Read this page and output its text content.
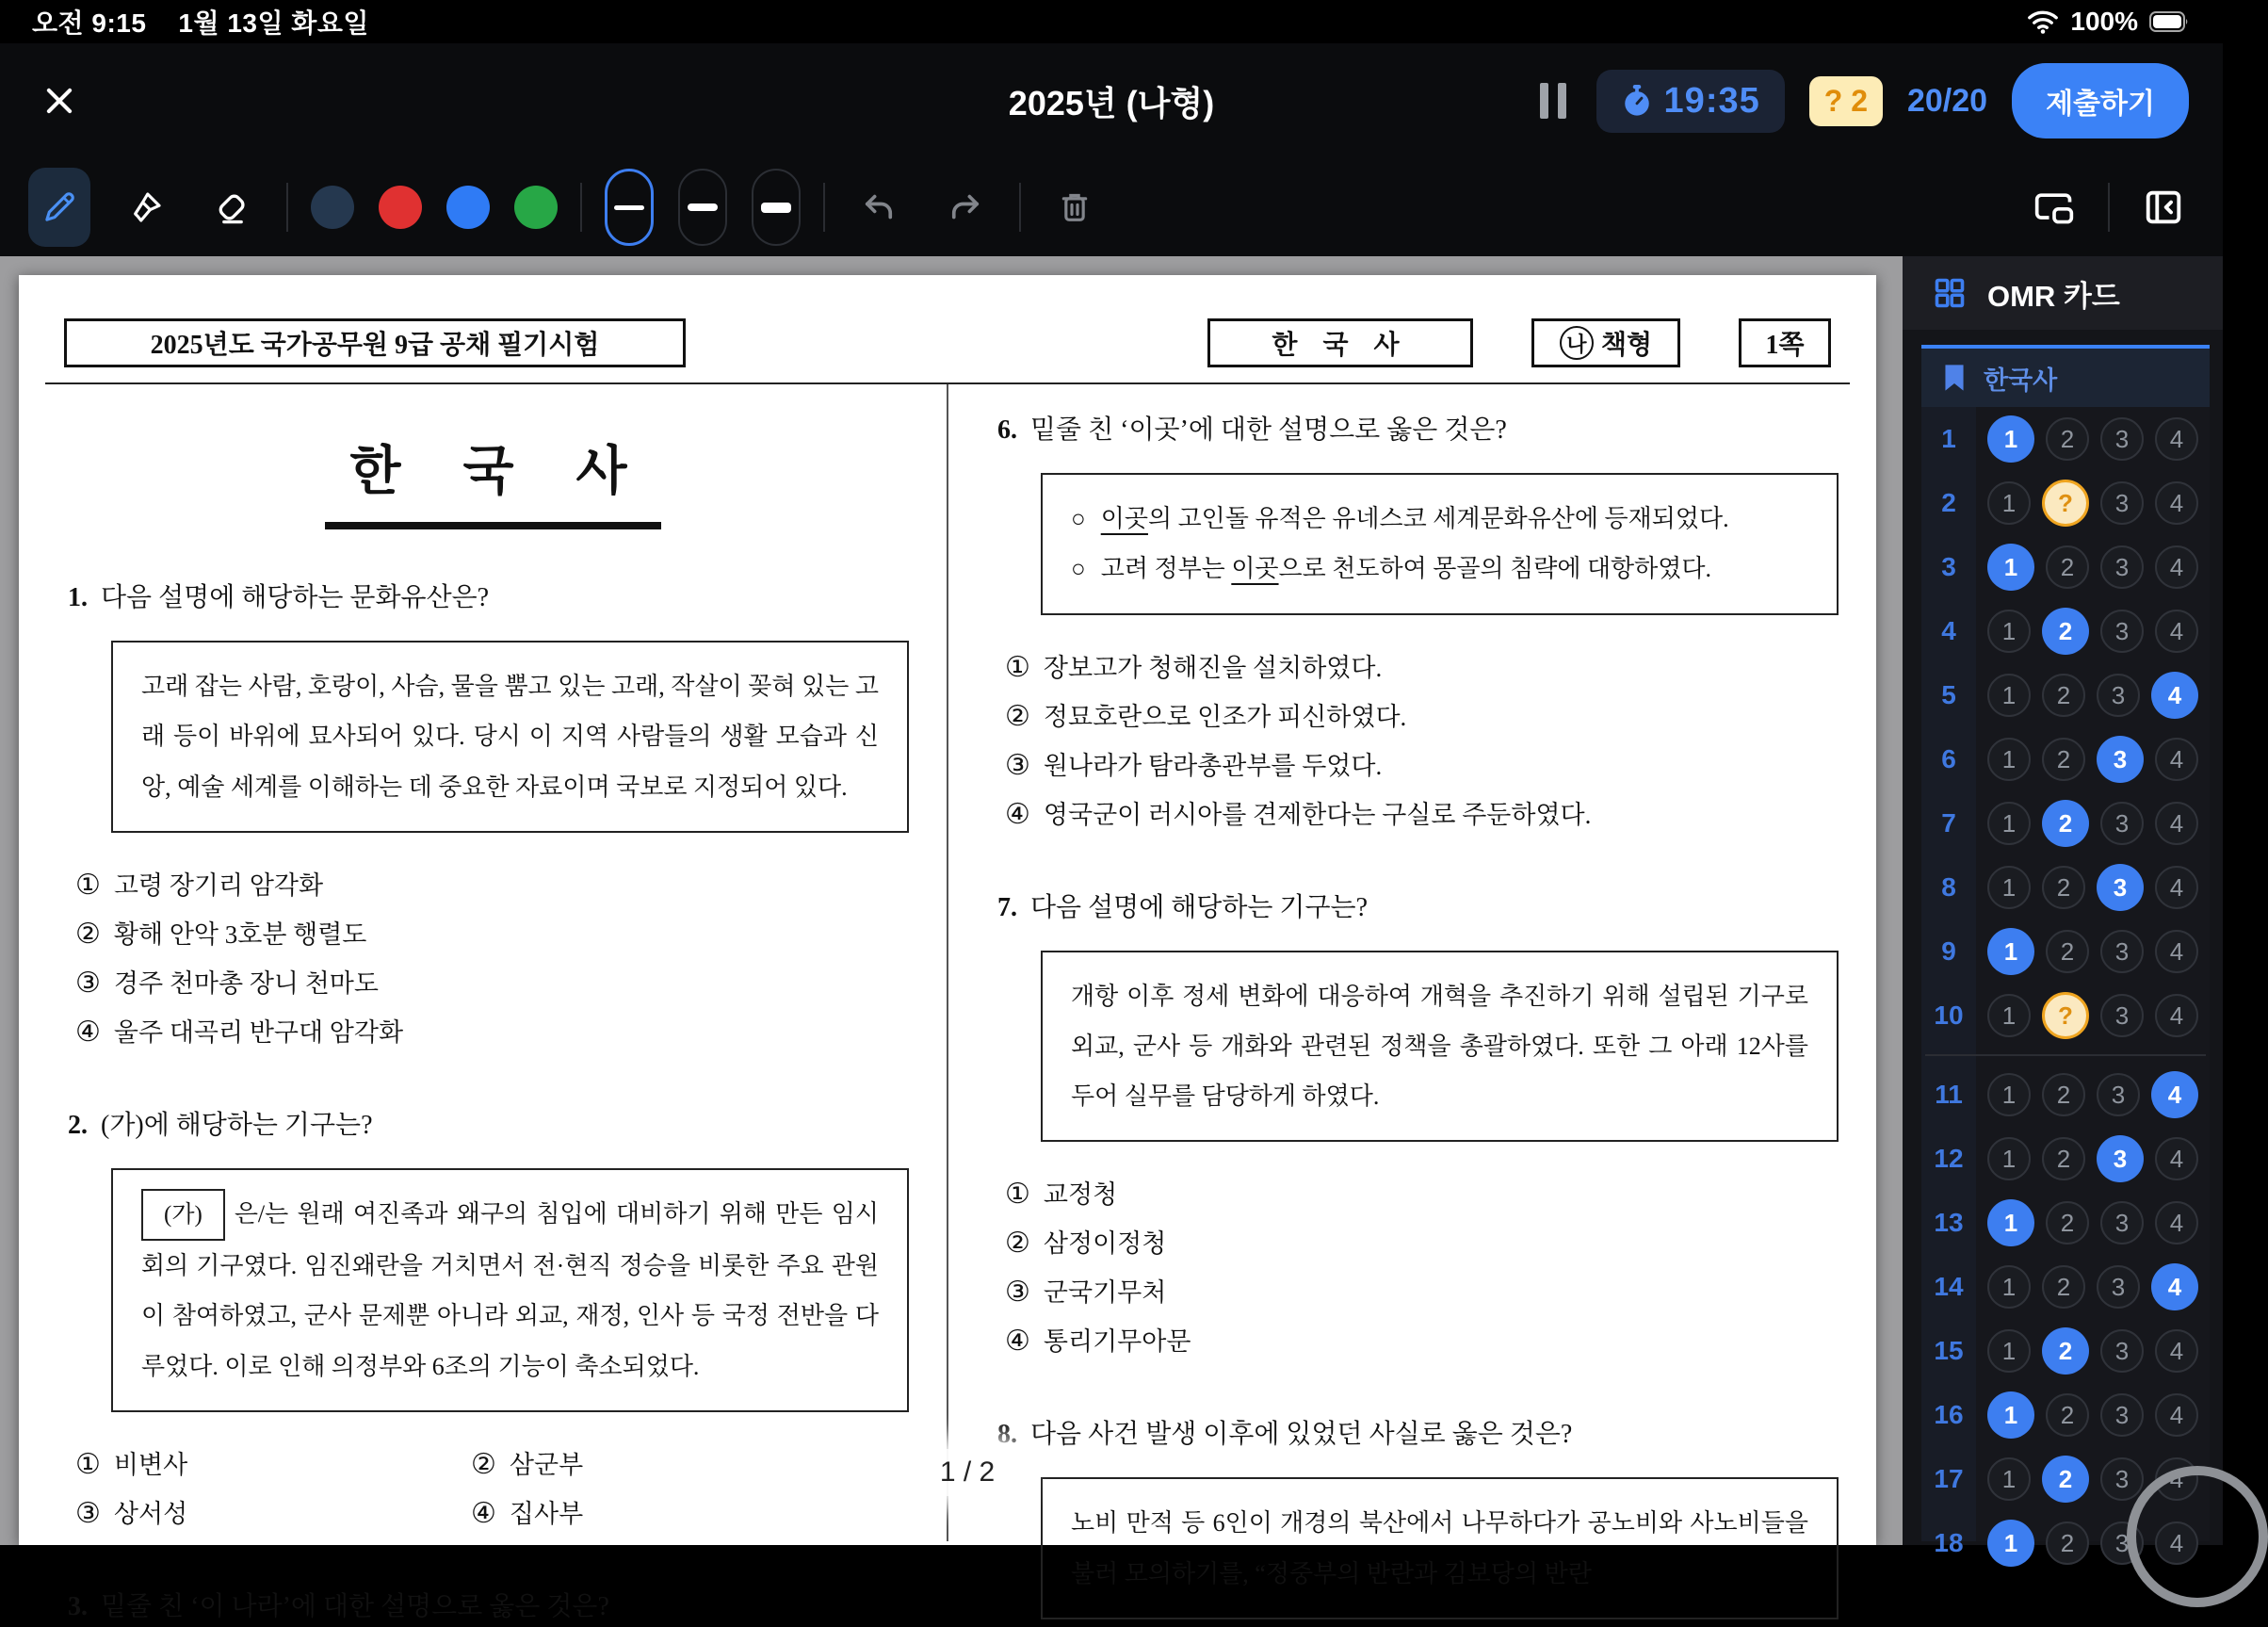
오전 9:15 1월 13일 화요일	100%
2025년 (나형)	19:35	? 2	20/20	제출하기
2025년도 국가공무원 9급 공채 필기시험	한 국 사	나 책형	1쪽
한 국 사
1. 다음 설명에 해당하는 문화유산은?
고래 잡는 사람, 호랑이, 사슴, 물을 뿜고 있는 고래, 작살이 꽂혀 있는 고래 등이 바위에 묘사되어 있다. 당시 이 지역 사람들의 생활 모습과 신앙, 예술 세계를 이해하는 데 중요한 자료이며 국보로 지정되어 있다.
① 고령 장기리 암각화
② 황해 안악 3호분 행렬도
③ 경주 천마총 장니 천마도
④ 울주 대곡리 반구대 암각화
2. (가)에 해당하는 기구는?
(가) 은/는 원래 여진족과 왜구의 침입에 대비하기 위해 만든 임시회의 기구였다. 임진왜란을 거치면서 전·현직 정승을 비롯한 주요 관원이 참여하였고, 군사 문제뿐 아니라 외교, 재정, 인사 등 국정 전반을 다루었다. 이로 인해 의정부와 6조의 기능이 축소되었다.
① 비변사	② 삼군부
③ 상서성	④ 집사부
3. 밑줄 친 ‘이 나라’에 대한 설명으로 옳은 것은?
6. 밑줄 친 ‘이곳’에 대한 설명으로 옳은 것은?
○ 이곳의 고인돌 유적은 유네스코 세계문화유산에 등재되었다.
○ 고려 정부는 이곳으로 천도하여 몽골의 침략에 대항하였다.
① 장보고가 청해진을 설치하였다.
② 정묘호란으로 인조가 피신하였다.
③ 원나라가 탐라총관부를 두었다.
④ 영국군이 러시아를 견제한다는 구실로 주둔하였다.
7. 다음 설명에 해당하는 기구는?
개항 이후 정세 변화에 대응하여 개혁을 추진하기 위해 설립된 기구로 외교, 군사 등 개화와 관련된 정책을 총괄하였다. 또한 그 아래 12사를 두어 실무를 담당하게 하였다.
① 교정청
② 삼정이정청
③ 군국기무처
④ 통리기무아문
8. 다음 사건 발생 이후에 있었던 사실로 옳은 것은?
노비 만적 등 6인이 개경의 북산에서 나무하다가 공노비와 사노비들을 불러 모의하기를, “정중부의 반란과 김보당의 반란
1 / 2
OMR 카드
한국사
1	1	2	3	4
2	1	?	3	4
3	1	2	3	4
4	1	2	3	4
5	1	2	3	4
6	1	2	3	4
7	1	2	3	4
8	1	2	3	4
9	1	2	3	4
10	1	?	3	4
11	1	2	3	4
12	1	2	3	4
13	1	2	3	4
14	1	2	3	4
15	1	2	3	4
16	1	2	3	4
17	1	2	3	4
18	1	2	3	4
